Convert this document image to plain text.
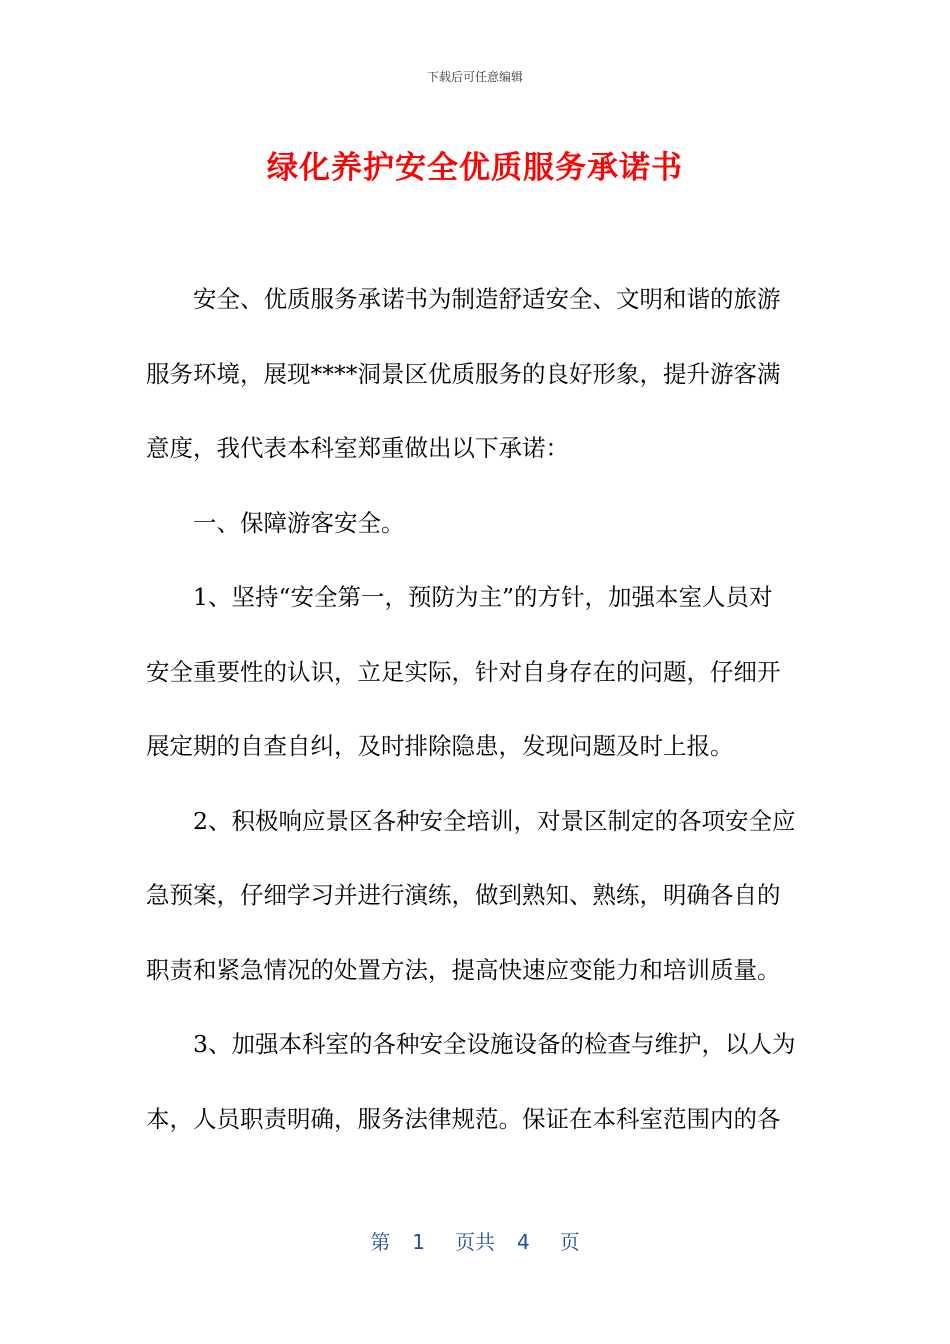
下载后可任意编辑
绿化养护安全优质服务承诺书
安全、优质服务承诺书为制造舒适安全、文明和谐的旅游
服务环境，展现****洞景区优质服务的良好形象，提升游客满
意度，我代表本科室郑重做出以下承诺：
一、保障游客安全。
1、坚持“安全第一，预防为主”的方针，加强本室人员对
安全重要性的认识，立足实际，针对自身存在的问题，仔细开
展定期的自查自纠，及时排除隐患，发现问题及时上报。
2、积极响应景区各种安全培训，对景区制定的各项安全应
急预案，仔细学习并进行演练，做到熟知、熟练，明确各自的
职责和紧急情况的处置方法，提高快速应变能力和培训质量。
3、加强本科室的各种安全设施设备的检查与维护，以人为
本，人员职责明确，服务法律规范。保证在本科室范围内的各
第 1 页共 4 页
